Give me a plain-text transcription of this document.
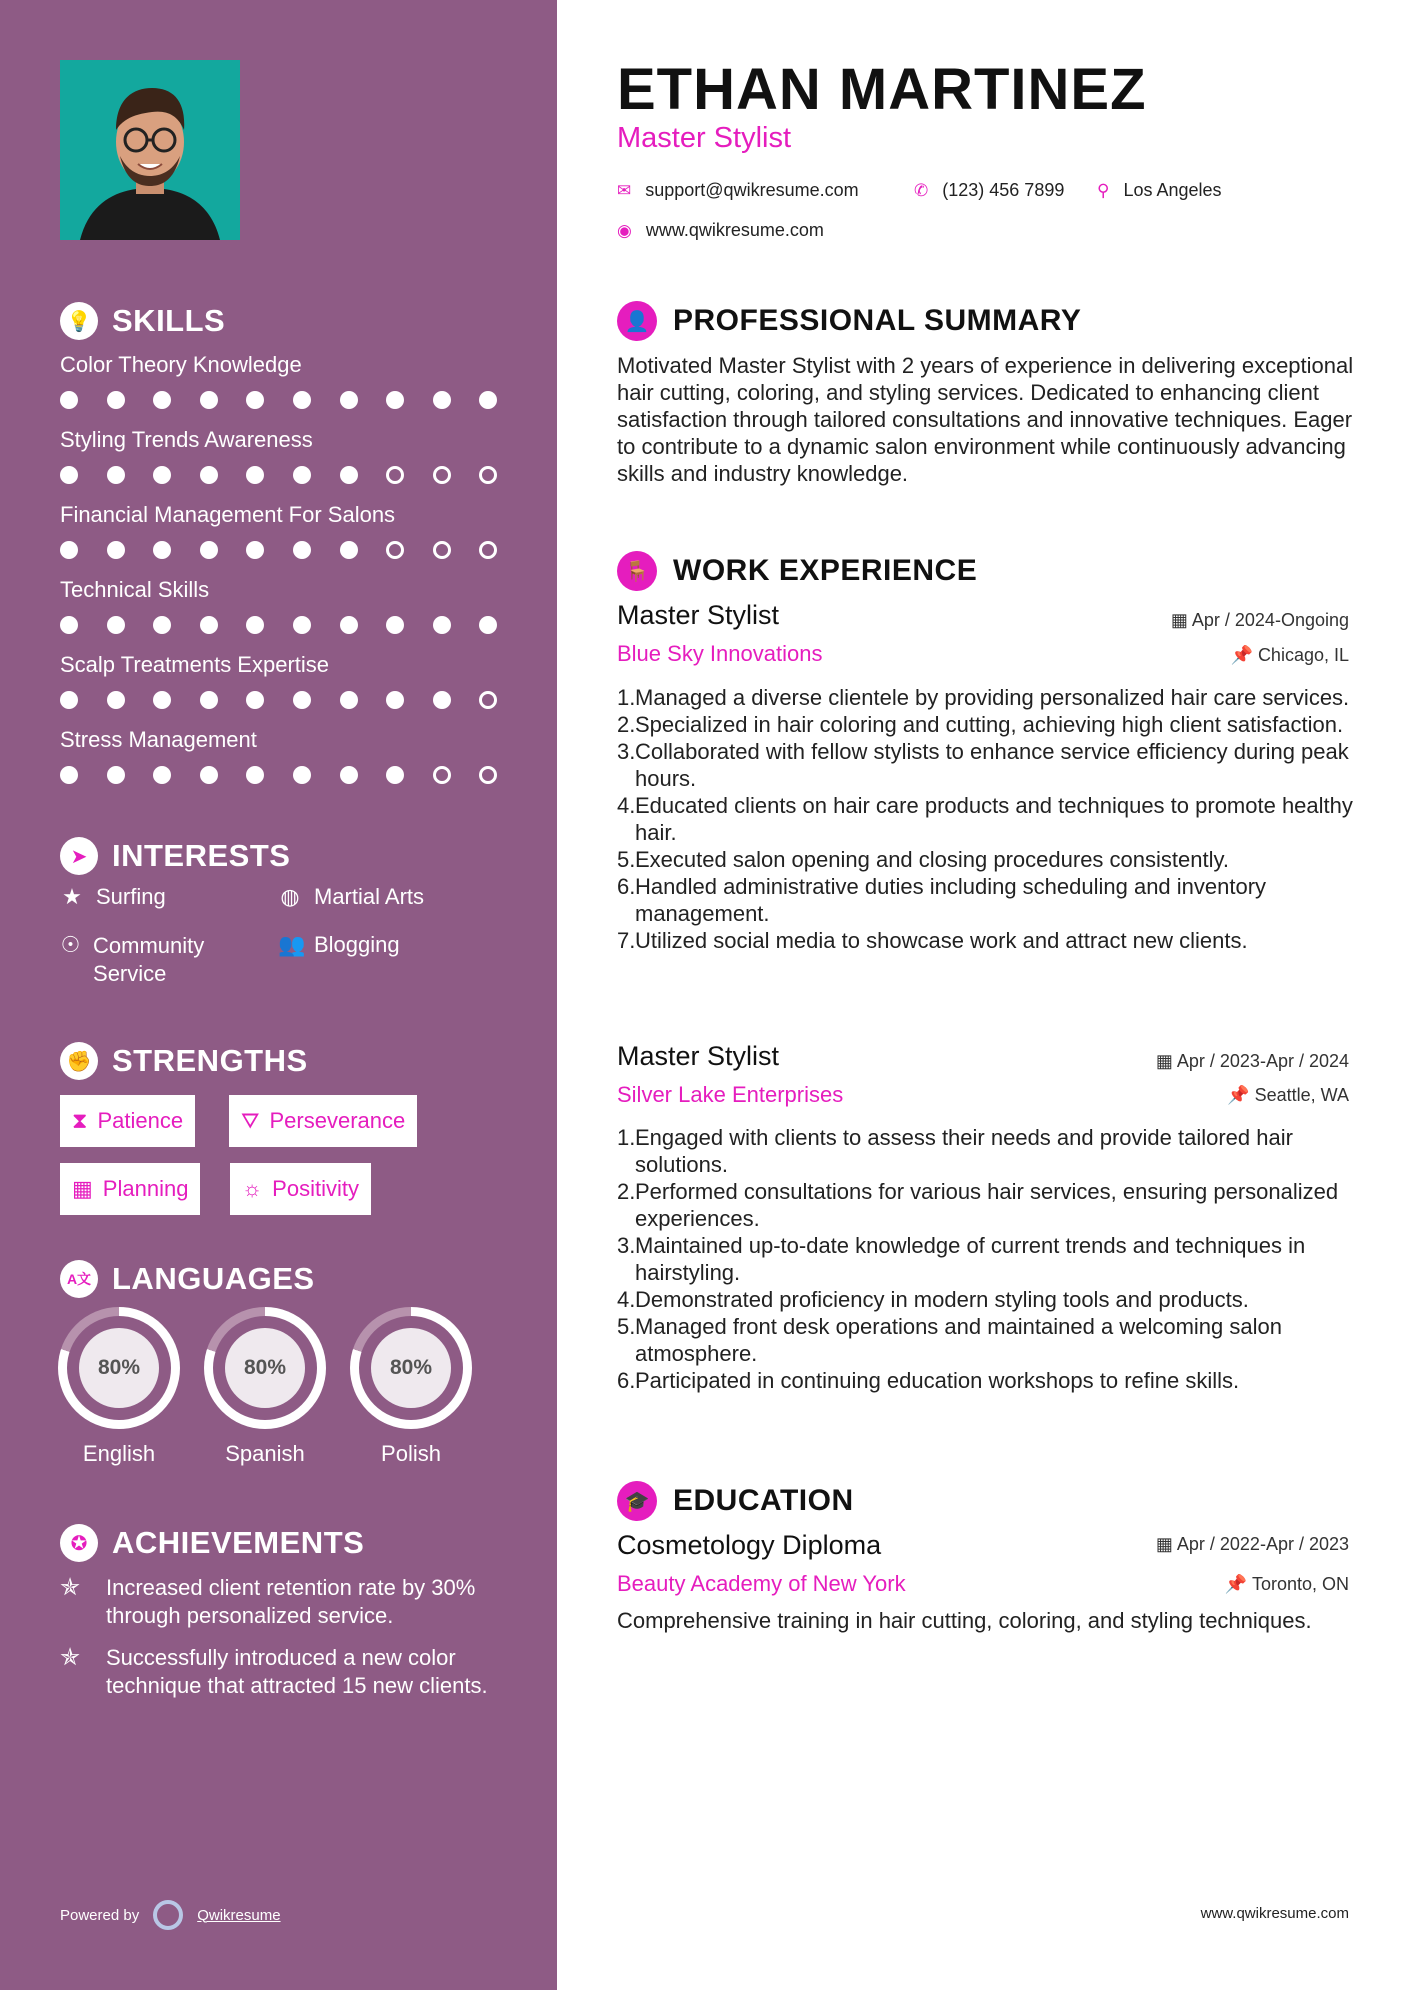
💡 SKILLS
Color Theory Knowledge
Styling Trends Awareness
Financial Management For Salons
Technical Skills
Scalp Treatments Expertise
Stress Management
➤ INTERESTS
★ Surfing	◍ Martial Arts
☉ Community Service
👥 Blogging
✊ STRENGTHS
⧗ Patience	⛛ Perseverance
▦ Planning ☼ Positivity
A文 LANGUAGES
80%
English
80%
Spanish
80%
Polish
✪ ACHIEVEMENTS
✯	Increased client retention rate by 30% through personalized service.
✯	Successfully introduced a new color technique that attracted 15 new clients.
Powered by	Qwikresume
ETHAN MARTINEZ
Master Stylist
✉ support@qwikresume.com	✆ (123) 456 7899 ⚲ Los Angeles
◉ www.qwikresume.com
👤 PROFESSIONAL SUMMARY
Motivated Master Stylist with 2 years of experience in delivering exceptional hair cutting, coloring, and styling services. Dedicated to enhancing client satisfaction through tailored consultations and innovative techniques. Eager to contribute to a dynamic salon environment while continuously advancing skills and industry knowledge.
🪑 WORK EXPERIENCE
Master Stylist	▦ Apr / 2024-Ongoing
Blue Sky Innovations	📌 Chicago, IL
1. Managed a diverse clientele by providing personalized hair care services.
2. Specialized in hair coloring and cutting, achieving high client satisfaction.
3. Collaborated with fellow stylists to enhance service efficiency during peak hours.
4. Educated clients on hair care products and techniques to promote healthy hair.
5. Executed salon opening and closing procedures consistently.
6. Handled administrative duties including scheduling and inventory management.
7. Utilized social media to showcase work and attract new clients.
Master Stylist	▦ Apr / 2023-Apr / 2024
Silver Lake Enterprises	📌 Seattle, WA
1. Engaged with clients to assess their needs and provide tailored hair solutions.
2. Performed consultations for various hair services, ensuring personalized experiences.
3. Maintained up-to-date knowledge of current trends and techniques in hairstyling.
4. Demonstrated proficiency in modern styling tools and products.
5. Managed front desk operations and maintained a welcoming salon atmosphere.
6. Participated in continuing education workshops to refine skills.
🎓 EDUCATION
Cosmetology Diploma	▦ Apr / 2022-Apr / 2023
Beauty Academy of New York	📌 Toronto, ON
Comprehensive training in hair cutting, coloring, and styling techniques.
www.qwikresume.com
